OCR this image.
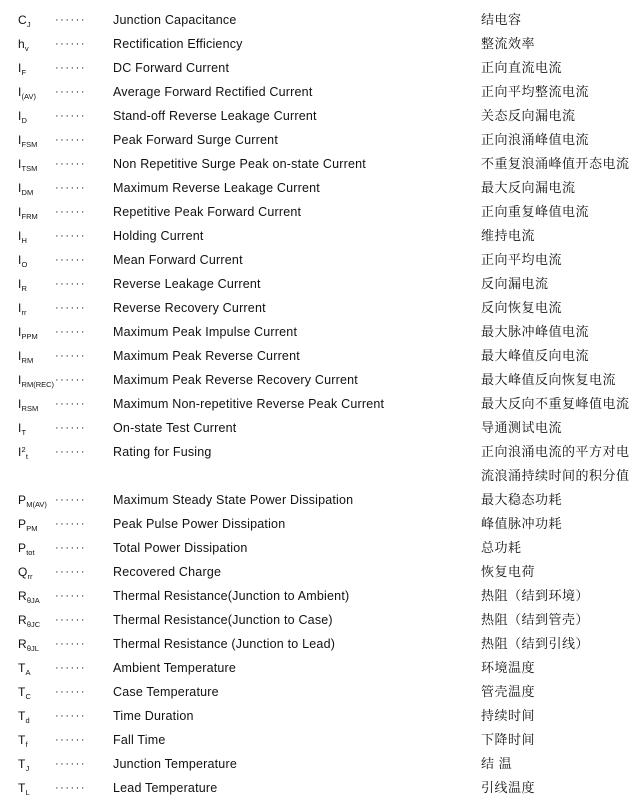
$C_J$	······	Junction Capacitance	结电容
$h_v$	······	Rectification Efficiency	整流效率
$I_F$	······	DC Forward Current	正向直流电流
$I_{(AV)}$	······	Average Forward Rectified Current	正向平均整流电流
$I_D$	······	Stand-off Reverse Leakage Current	关态反向漏电流
$I_{FSM}$	······	Peak Forward Surge Current	正向浪涌峰值电流
$I_{TSM}$	······	Non Repetitive Surge Peak on-state Current	不重复浪涌峰值开态电流
$I_{DM}$	······	Maximum Reverse Leakage Current	最大反向漏电流
$I_{FRM}$	······	Repetitive Peak Forward Current	正向重复峰值电流
$I_H$	······	Holding Current	维持电流
$I_O$	······	Mean Forward Current	正向平均电流
$I_R$	······	Reverse Leakage Current	反向漏电流
$I_{rr}$	······	Reverse Recovery Current	反向恢复电流
$I_{PPM}$	······	Maximum Peak Impulse Current	最大脉冲峰值电流
$I_{RM}$	······	Maximum Peak Reverse Current	最大峰值反向电流
$I_{RM(REC)}$ ······	Maximum Peak Reverse Recovery Current	最大峰值反向恢复电流
$I_{RSM}$	······	Maximum Non-repetitive Reverse Peak Current	最大反向不重复峰值电流
$I_T$	······	On-state Test Current	导通测试电流
$I^2_t$	······	Rating for Fusing	正向浪涌电流的平方对电
流浪涌持续时间的积分值
$P_{M(AV)}$ ······	Maximum Steady State Power Dissipation	最大稳态功耗
$P_{PM}$	······	Peak Pulse Power Dissipation	峰值脉冲功耗
$P_{tot}$	······	Total Power Dissipation	总功耗
$Q_{rr}$	······	Recovered Charge	恢复电荷
$R_{\theta JA}$	······	Thermal Resistance(Junction to Ambient)	热阻（结到环境）
$R_{\theta JC}$	······	Thermal Resistance(Junction to Case)	热阻（结到管壳）
$R_{\theta JL}$	······	Thermal Resistance (Junction to Lead)	热阻（结到引线）
$T_A$	······	Ambient Temperature	环境温度
$T_C$	······	Case Temperature	管壳温度
$T_d$	······	Time Duration	持续时间
$T_f$	······	Fall Time	下降时间
$T_J$	······	Junction Temperature	结 温
$T_L$	······	Lead Temperature	引线温度
